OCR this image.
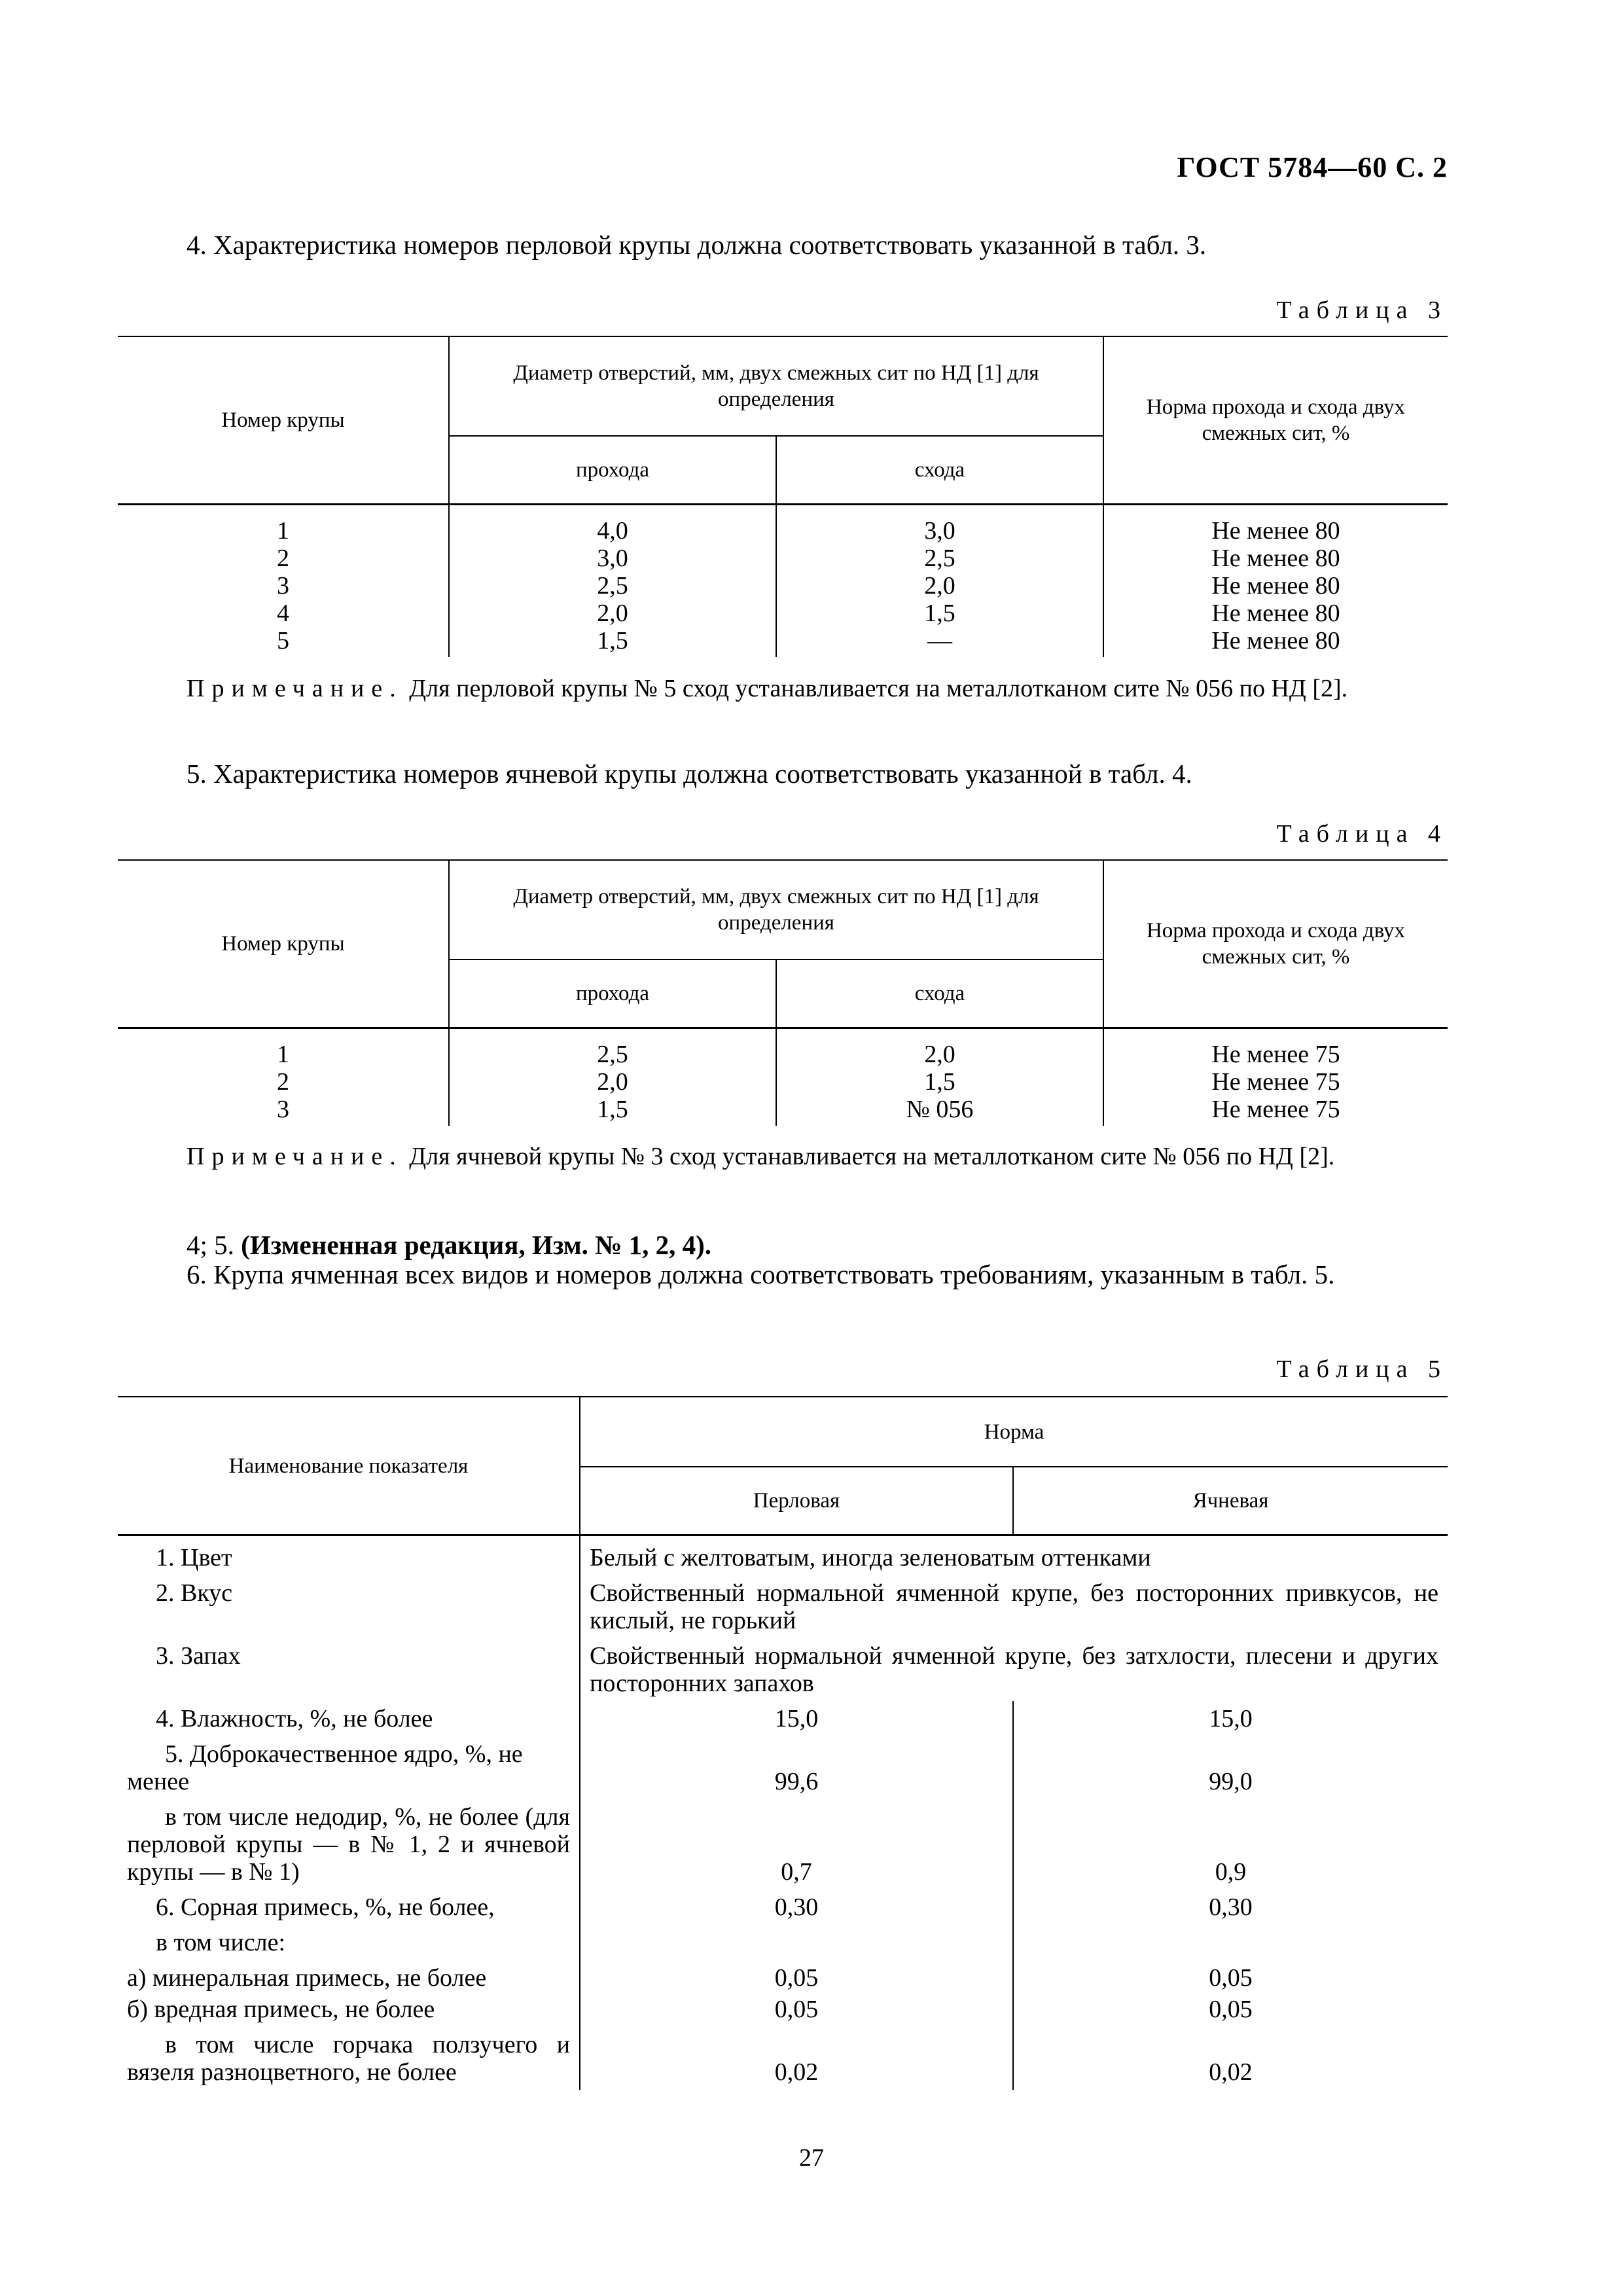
ГОСТ 5784—60 С. 2
4. Характеристика номеров перловой крупы должна соответствовать указанной в табл. 3.
Таблица 3
Номер крупы	Диаметр отверстий, мм, двух смежных сит по НД [1] для определения		Норма прохода и схода двух смежных сит, %
	прохода	схода	
1	4,0	3,0	Не менее 80
2	3,0	2,5	Не менее 80
3	2,5	2,0	Не менее 80
4	2,0	1,5	Не менее 80
5	1,5	—	Не менее 80
Примечание. Для перловой крупы № 5 сход устанавливается на металлотканом сите № 056 по НД [2].
5. Характеристика номеров ячневой крупы должна соответствовать указанной в табл. 4.
Таблица 4
Номер крупы	Диаметр отверстий, мм, двух смежных сит по НД [1] для определения		Норма прохода и схода двух смежных сит, %
	прохода	схода	
1	2,5	2,0	Не менее 75
2	2,0	1,5	Не менее 75
3	1,5	№ 056	Не менее 75
Примечание. Для ячневой крупы № 3 сход устанавливается на металлотканом сите № 056 по НД [2].
4; 5. (Измененная редакция, Изм. № 1, 2, 4).
6. Крупа ячменная всех видов и номеров должна соответствовать требованиям, указанным в табл. 5.
Таблица 5
Наименование показателя	Норма	
	Перловая	Ячневая
1. Цвет	Белый с желтоватым, иногда зеленоватым оттенками	
2. Вкус	Свойственный нормальной ячменной крупе, без посторонних привкусов, не кислый, не горький	
3. Запах	Свойственный нормальной ячменной крупе, без затхлости, плесени и других посторонних запахов	
4. Влажность, %, не более	15,0	15,0
5. Доброкачественное ядро, %, не менее	99,6	99,0
в том числе недодир, %, не более (для перловой крупы — в № 1, 2 и ячневой крупы — в № 1)	0,7	0,9
6. Сорная примесь, %, не более,	0,30	0,30
в том числе:		
а) минеральная примесь, не более	0,05	0,05
б) вредная примесь, не более	0,05	0,05
в том числе горчака ползучего и вязеля разноцветного, не более	0,02	0,02
27
